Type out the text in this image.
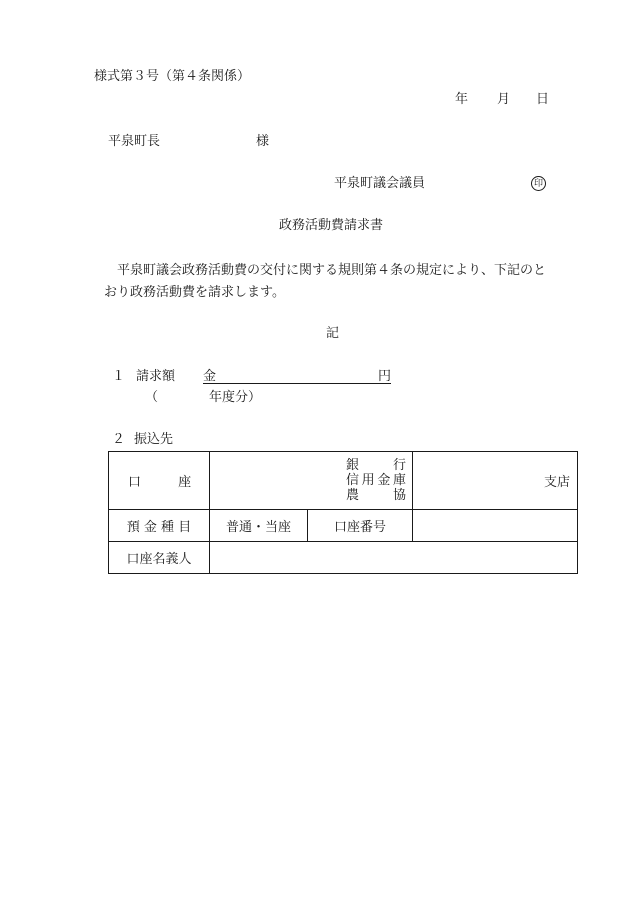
様式第３号（第４条関係）
年 月 日
平泉町長	様
平泉町議会議員	印
政務活動費請求書
平泉町議会政務活動費の交付に関する規則第４条の規定により、下記のと
おり政務活動費を請求します。
記
１ 請求額 金	円
（	年度分）
２ 振込先
口 座	銀　　行
信用金庫
農　　協		支店
預 金 種 目	普通・当座	口座番号	
口座名義人			
